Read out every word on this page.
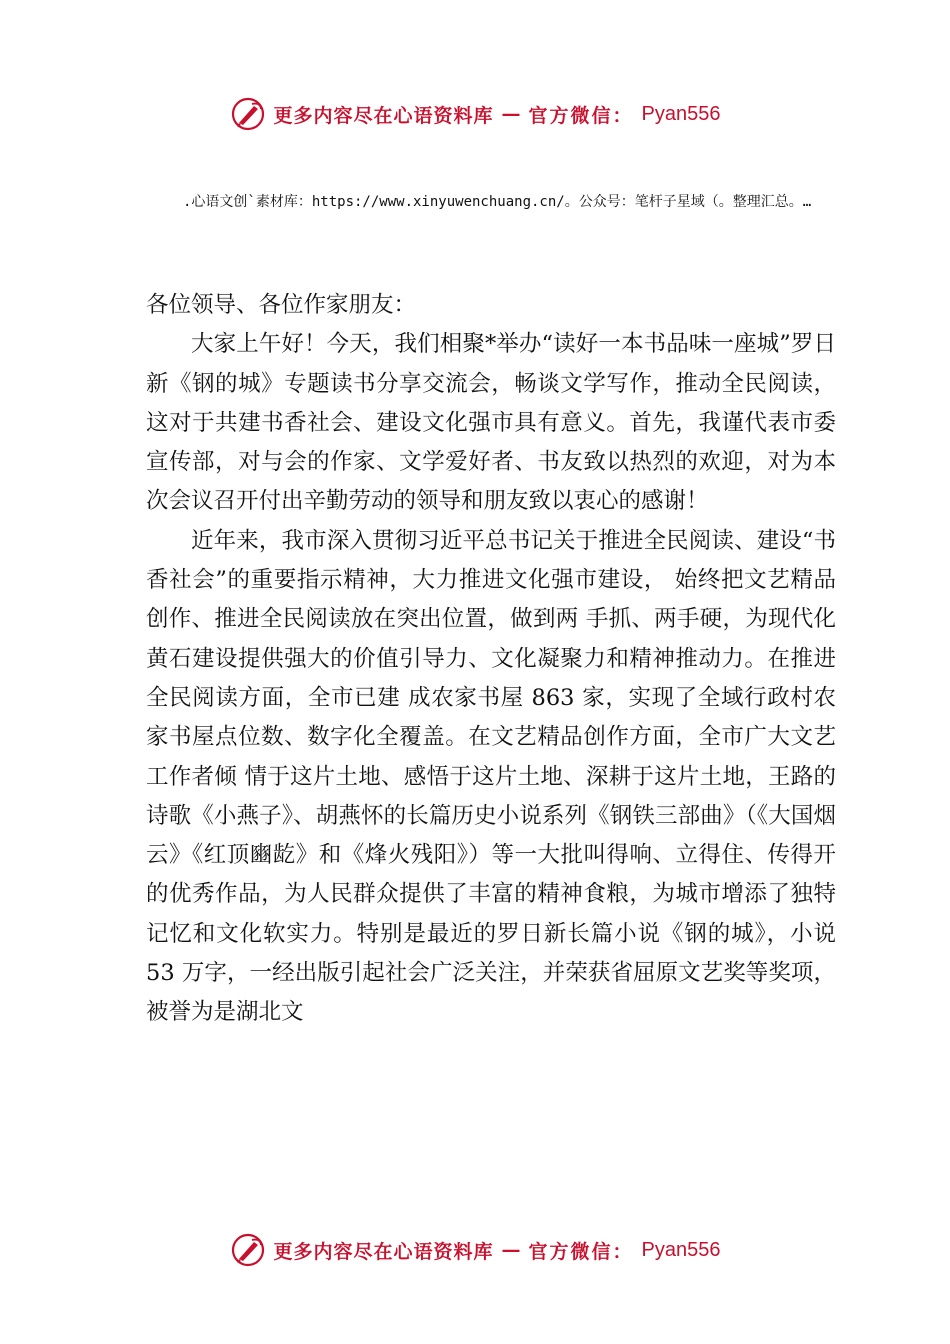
更多内容尽在心语资料库 — 官方微信： Pyan556
.心语文创`素材库：https://www.xinyuwenchuang.cn/。公众号：笔杆子星域（。整理汇总。…

各位领导、各位作家朋友：

大家上午好！今天，我们相聚*举办“读好一本书品味一座城”罗日新《钢的城》专题读书分享交流会，畅谈文学写作，推动全民阅读，这对于共建书香社会、建设文化强市具有意义。首先，我谨代表市委宣传部，对与会的作家、文学爱好者、书友致以热烈的欢迎，对为本次会议召开付出辛勤劳动的领导和朋友致以衷心的感谢！

近年来，我市深入贯彻习近平总书记关于推进全民阅读、建设“书香社会”的重要指示精神，大力推进文化强市建设， 始终把文艺精品创作、推进全民阅读放在突出位置，做到两 手抓、两手硬，为现代化黄石建设提供强大的价值引导力、文化凝聚力和精神推动力。在推进全民阅读方面，全市已建 成农家书屋 863 家，实现了全域行政村农家书屋点位数、数字化全覆盖。在文艺精品创作方面，全市广大文艺工作者倾 情于这片土地、感悟于这片土地、深耕于这片土地，王路的 诗歌《小燕子》、胡燕怀的长篇历史小说系列《钢铁三部曲》（《大国烟云》《红顶豳龁》和《烽火残阳》）等一大批叫得响、立得住、传得开的优秀作品，为人民群众提供了丰富的精神食粮，为城市增添了独特记忆和文化软实力。特别是最近的罗日新长篇小说《钢的城》，小说 53 万字，一经出版引起社会广泛关注，并荣获省屈原文艺奖等奖项，被誉为是湖北文

更多内容尽在心语资料库 — 官方微信： Pyan556
